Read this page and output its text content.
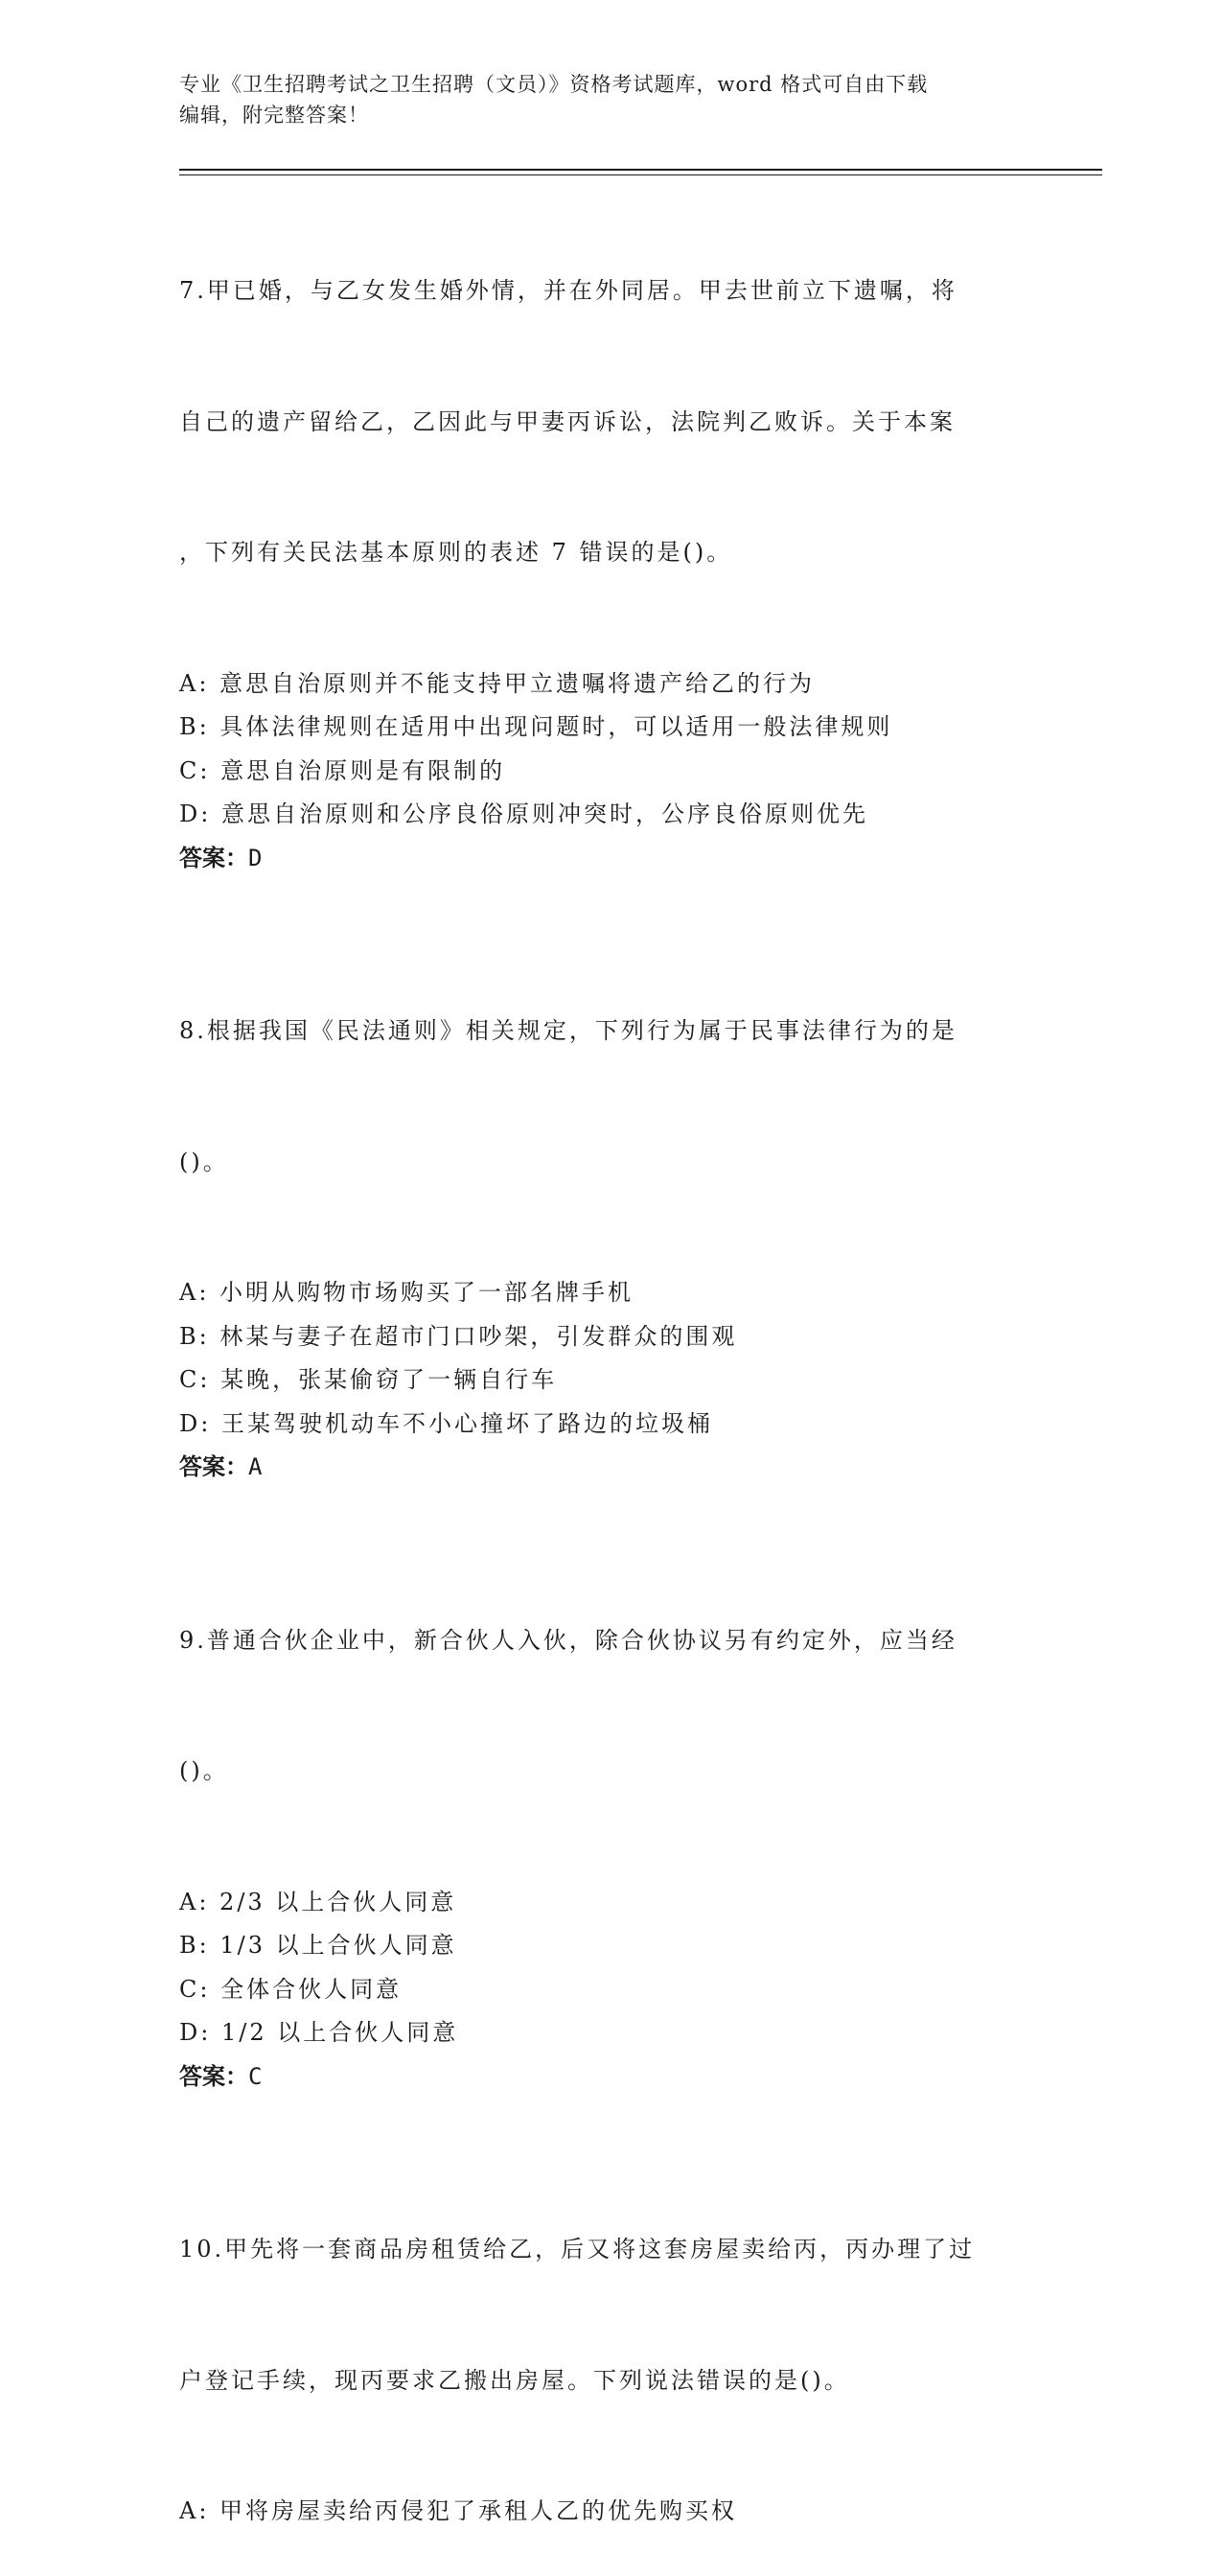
专业《卫生招聘考试之卫生招聘（文员）》资格考试题库，word 格式可自由下载
编辑，附完整答案！

7.甲已婚，与乙女发生婚外情，并在外同居。甲去世前立下遗嘱，将

自己的遗产留给乙，乙因此与甲妻丙诉讼，法院判乙败诉。关于本案

，下列有关民法基本原则的表述 7 错误的是()。

A: 意思自治原则并不能支持甲立遗嘱将遗产给乙的行为
B: 具体法律规则在适用中出现问题时，可以适用一般法律规则
C: 意思自治原则是有限制的
D: 意思自治原则和公序良俗原则冲突时，公序良俗原则优先
答案：D

8.根据我国《民法通则》相关规定，下列行为属于民事法律行为的是

()。

A: 小明从购物市场购买了一部名牌手机
B: 林某与妻子在超市门口吵架，引发群众的围观
C: 某晚，张某偷窃了一辆自行车
D: 王某驾驶机动车不小心撞坏了路边的垃圾桶
答案：A

9.普通合伙企业中，新合伙人入伙，除合伙协议另有约定外，应当经

()。

A: 2/3 以上合伙人同意
B: 1/3 以上合伙人同意
C: 全体合伙人同意
D: 1/2 以上合伙人同意
答案：C

10.甲先将一套商品房租赁给乙，后又将这套房屋卖给丙，丙办理了过

户登记手续，现丙要求乙搬出房屋。下列说法错误的是()。

A: 甲将房屋卖给丙侵犯了承租人乙的优先购买权
